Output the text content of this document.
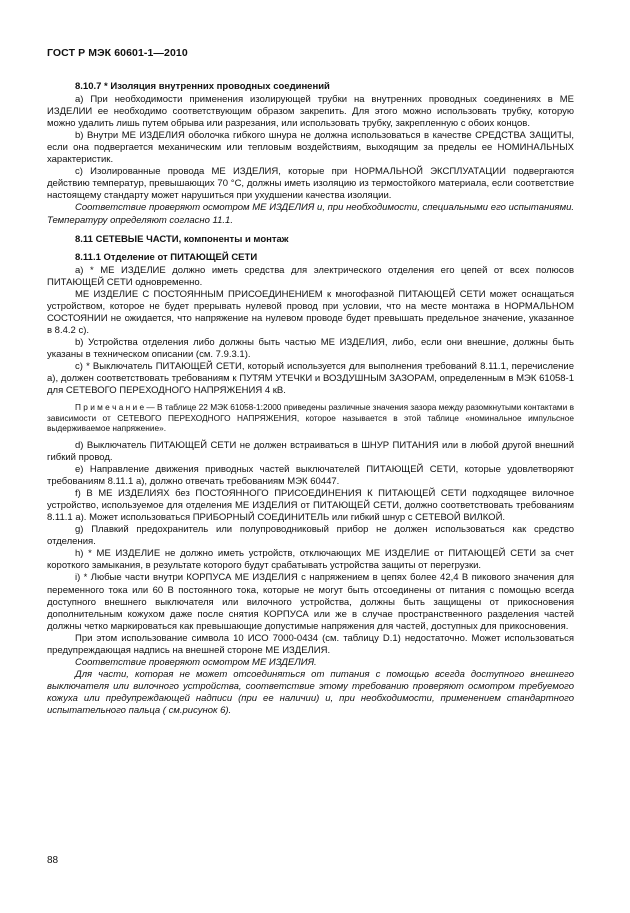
ГОСТ Р МЭК 60601-1—2010

8.10.7 * Изоляция внутренних проводных соединений

а) При необходимости применения изолирующей трубки на внутренних проводных соединениях в МЕ ИЗДЕЛИИ ее необходимо соответствующим образом закрепить. Для этого можно использовать трубку, которую можно удалить лишь путем обрыва или разрезания, или использовать трубку, закрепленную с обоих концов.

b) Внутри МЕ ИЗДЕЛИЯ оболочка гибкого шнура не должна использоваться в качестве СРЕДСТВА ЗАЩИТЫ, если она подвергается механическим или тепловым воздействиям, выходящим за пределы ее НОМИНАЛЬНЫХ характеристик.

с) Изолированные провода МЕ ИЗДЕЛИЯ, которые при НОРМАЛЬНОЙ ЭКСПЛУАТАЦИИ подвергаются действию температур, превышающих 70 °С, должны иметь изоляцию из термостойкого материала, если соответствие настоящему стандарту может нарушиться при ухудшении качества изоляции.

Соответствие проверяют осмотром МЕ ИЗДЕЛИЯ и, при необходимости, специальными его испытаниями. Температуру определяют согласно 11.1.

8.11 СЕТЕВЫЕ ЧАСТИ, компоненты и монтаж

8.11.1 Отделение от ПИТАЮЩЕЙ СЕТИ

а) * МЕ ИЗДЕЛИЕ должно иметь средства для электрического отделения его цепей от всех полюсов ПИТАЮЩЕЙ СЕТИ одновременно.

МЕ ИЗДЕЛИЕ С ПОСТОЯННЫМ ПРИСОЕДИНЕНИЕМ к многофазной ПИТАЮЩЕЙ СЕТИ может оснащаться устройством, которое не будет прерывать нулевой провод при условии, что на месте монтажа в НОРМАЛЬНОМ СОСТОЯНИИ не ожидается, что напряжение на нулевом проводе будет превышать предельное значение, указанное в 8.4.2 с).

b) Устройства отделения либо должны быть частью МЕ ИЗДЕЛИЯ, либо, если они внешние, должны быть указаны в техническом описании (см. 7.9.3.1).

с) * Выключатель ПИТАЮЩЕЙ СЕТИ, который используется для выполнения требований 8.11.1, перечисление а), должен соответствовать требованиям к ПУТЯМ УТЕЧКИ и ВОЗДУШНЫМ ЗАЗОРАМ, определенным в МЭК 61058-1 для СЕТЕВОГО ПЕРЕХОДНОГО НАПРЯЖЕНИЯ 4 кВ.

П р и м е ч а н и е — В таблице 22 МЭК 61058-1:2000 приведены различные значения зазора между разомкнутыми контактами в зависимости от СЕТЕВОГО ПЕРЕХОДНОГО НАПРЯЖЕНИЯ, которое называется в этой таблице «номинальное импульсное выдерживаемое напряжение».

d) Выключатель ПИТАЮЩЕЙ СЕТИ не должен встраиваться в ШНУР ПИТАНИЯ или в любой другой внешний гибкий провод.

е) Направление движения приводных частей выключателей ПИТАЮЩЕЙ СЕТИ, которые удовлетворяют требованиям 8.11.1 а), должно отвечать требованиям МЭК 60447.

f) В МЕ ИЗДЕЛИЯХ без ПОСТОЯННОГО ПРИСОЕДИНЕНИЯ К ПИТАЮЩЕЙ СЕТИ подходящее вилочное устройство, используемое для отделения МЕ ИЗДЕЛИЯ от ПИТАЮЩЕЙ СЕТИ, должно соответствовать требованиям 8.11.1 а). Может использоваться ПРИБОРНЫЙ СОЕДИНИТЕЛЬ или гибкий шнур с СЕТЕВОЙ ВИЛКОЙ.

g) Плавкий предохранитель или полупроводниковый прибор не должен использоваться как средство отделения.

h) * МЕ ИЗДЕЛИЕ не должно иметь устройств, отключающих МЕ ИЗДЕЛИЕ от ПИТАЮЩЕЙ СЕТИ за счет короткого замыкания, в результате которого будут срабатывать устройства защиты от перегрузки.

i) * Любые части внутри КОРПУСА МЕ ИЗДЕЛИЯ с напряжением в цепях более 42,4 В пикового значения для переменного тока или 60 В постоянного тока, которые не могут быть отсоединены от питания с помощью всегда доступного внешнего выключателя или вилочного устройства, должны быть защищены от прикосновения дополнительным кожухом даже после снятия КОРПУСА или же в случае пространственного разделения частей должны четко маркироваться как превышающие допустимые напряжения для частей, доступных для прикосновения.

При этом использование символа 10 ИСО 7000-0434 (см. таблицу D.1) недостаточно. Может использоваться предупреждающая надпись на внешней стороне МЕ ИЗДЕЛИЯ.

Соответствие проверяют осмотром МЕ ИЗДЕЛИЯ.

Для части, которая не может отсоединяться от питания с помощью всегда доступного внешнего выключателя или вилочного устройства, соответствие этому требованию проверяют осмотром требуемого кожуха или предупреждающей надписи (при ее наличии) и, при необходимости, применением стандартного испытательного пальца ( см.рисунок 6).

88
